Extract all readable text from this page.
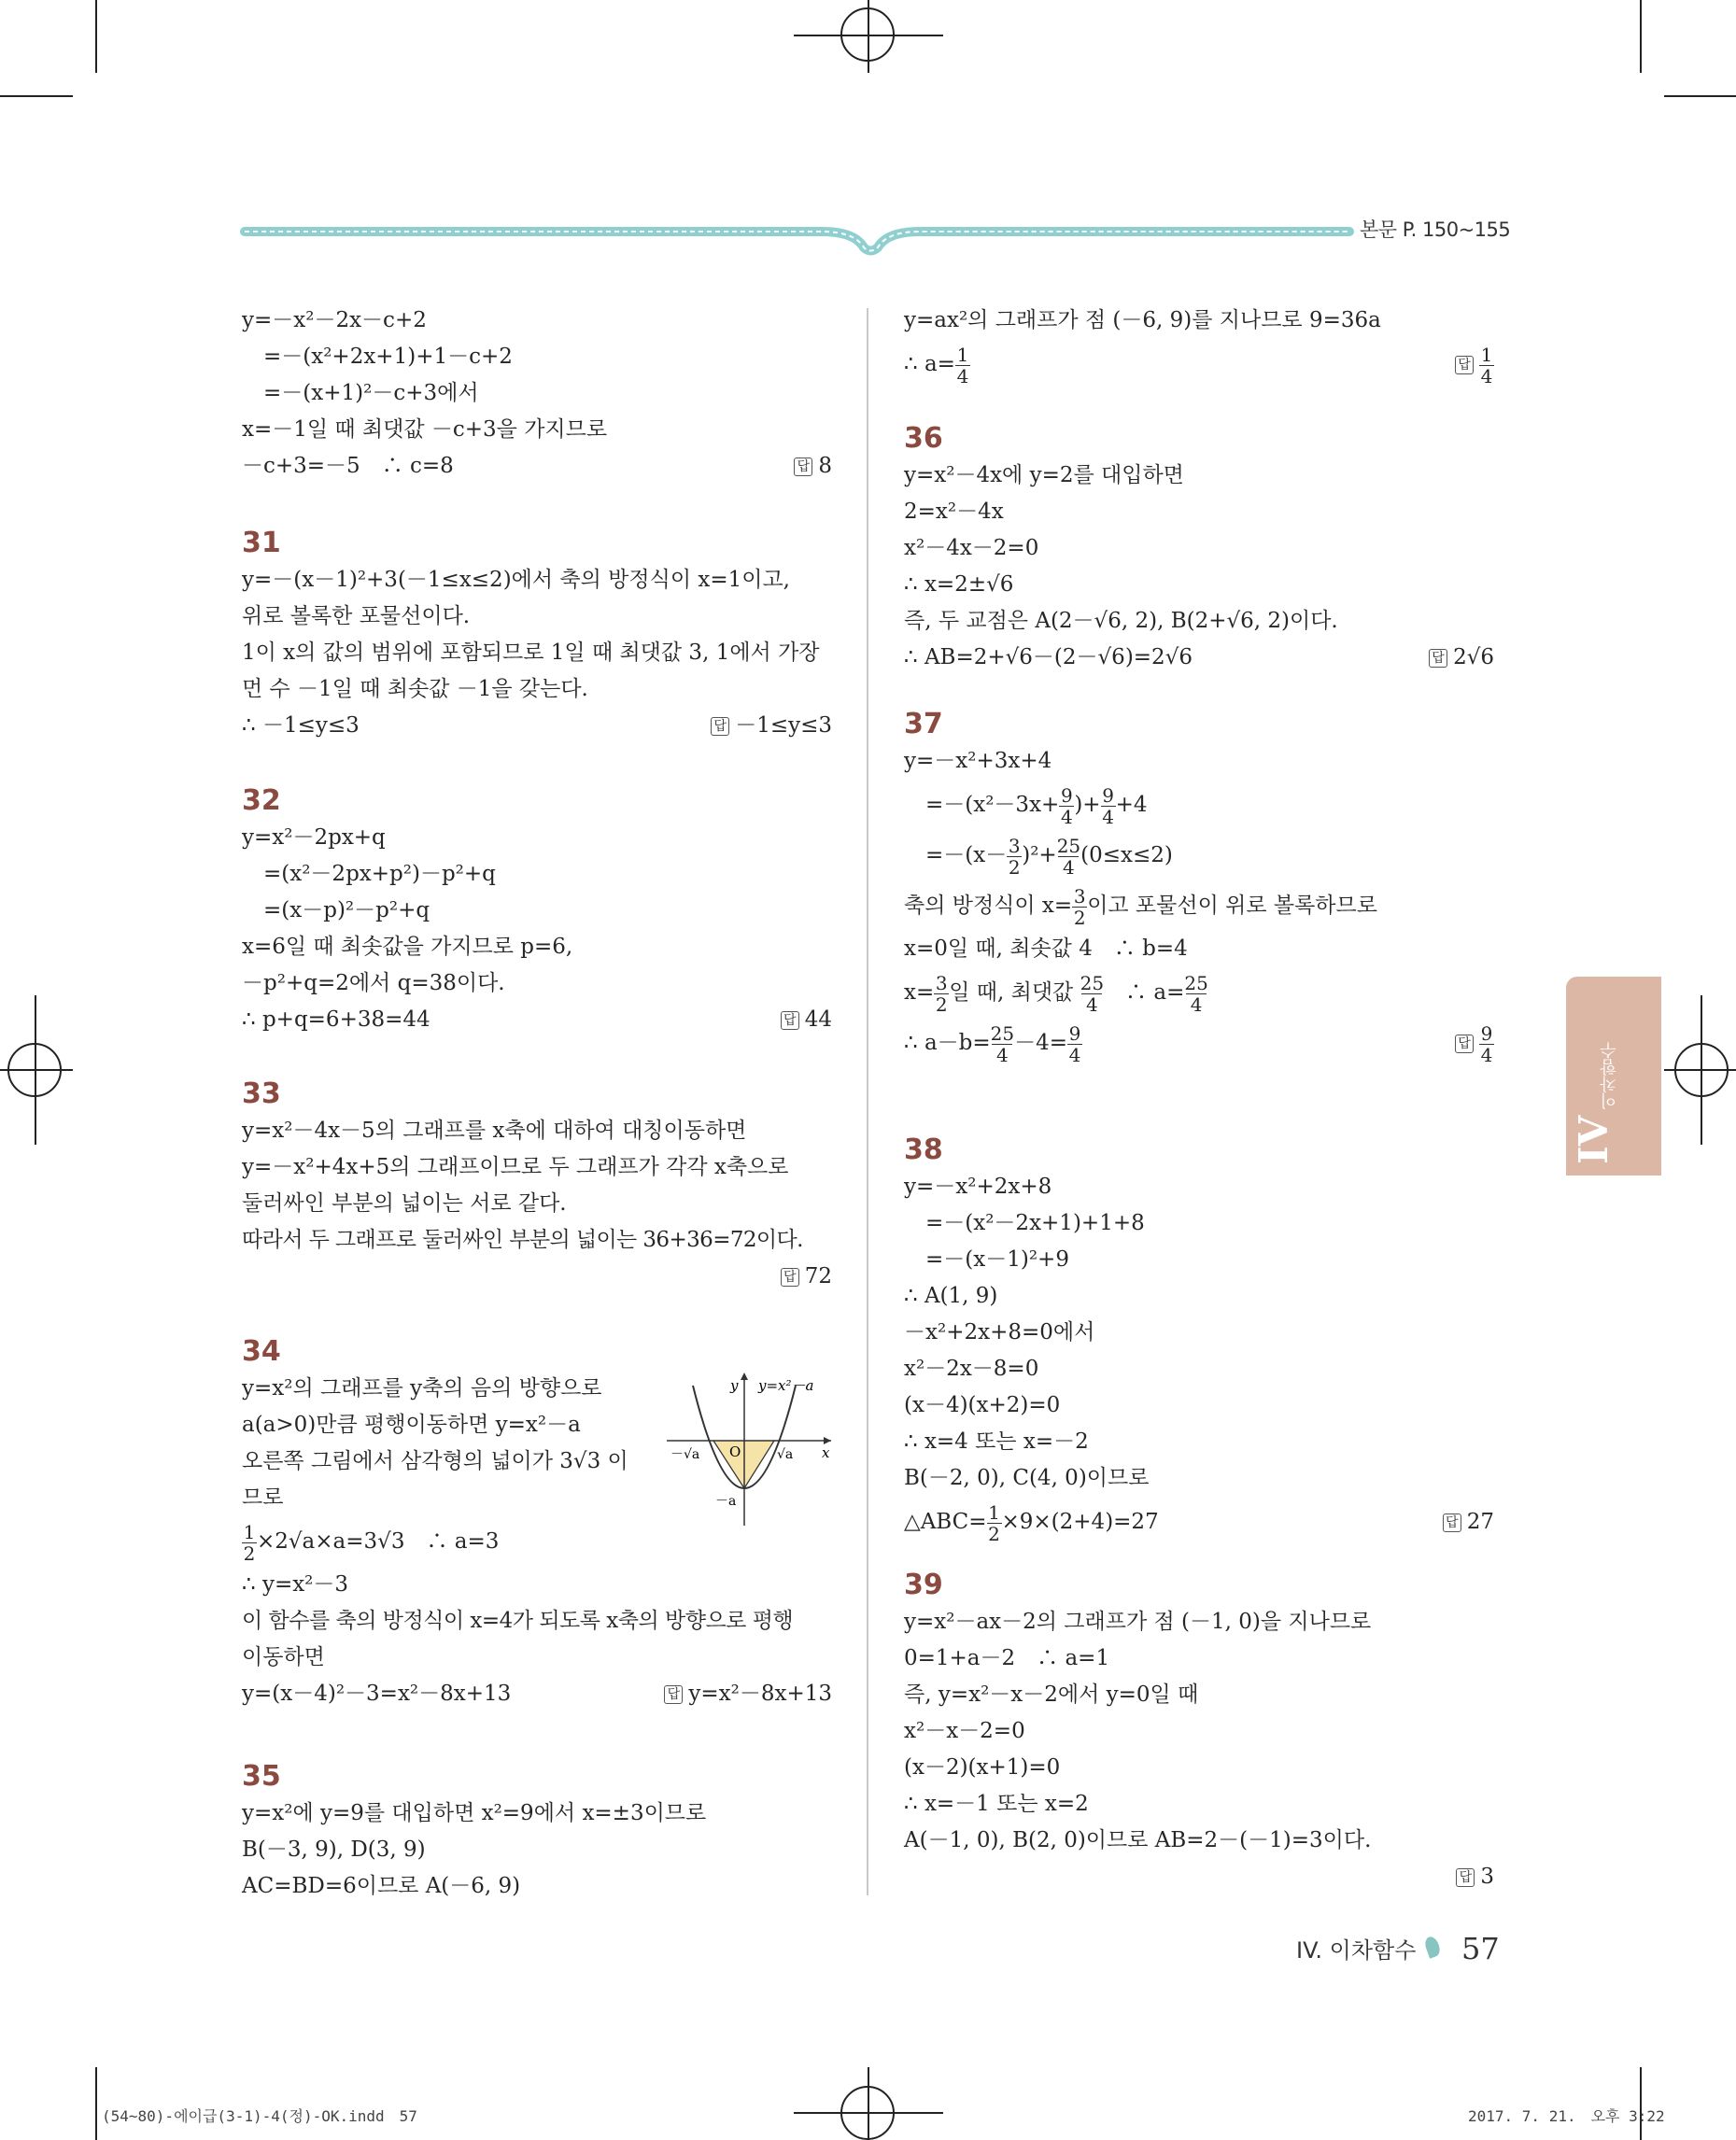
본문 P. 150~155
y=－x²－2x－c+2
　=－(x²+2x+1)+1－c+2
　=－(x+1)²－c+3에서
x=－1일 때 최댓값 －c+3을 가지므로
－c+3=－5　∴ c=8	답 8
31
y=－(x－1)²+3(－1≤x≤2)에서 축의 방정식이 x=1이고,
위로 볼록한 포물선이다.
1이 x의 값의 범위에 포함되므로 1일 때 최댓값 3, 1에서 가장
먼 수 －1일 때 최솟값 －1을 갖는다.
∴ －1≤y≤3	답 －1≤y≤3
32
y=x²－2px+q
　=(x²－2px+p²)－p²+q
　=(x－p)²－p²+q
x=6일 때 최솟값을 가지므로 p=6,
－p²+q=2에서 q=38이다.
∴ p+q=6+38=44	답 44
33
y=x²－4x－5의 그래프를 x축에 대하여 대칭이동하면
y=－x²+4x+5의 그래프이므로 두 그래프가 각각 x축으로
둘러싸인 부분의 넓이는 서로 같다.
따라서 두 그래프로 둘러싸인 부분의 넓이는 36+36=72이다.
답 72
34
y=x²의 그래프를 y축의 음의 방향으로
a(a>0)만큼 평행이동하면 y=x²－a
오른쪽 그림에서 삼각형의 넓이가 3√3 이
므로
$\frac{1}{2} \times 2√a\times a=3√3$　∴ a=3
∴ y=x²－3
이 함수를 축의 방정식이 x=4가 되도록 x축의 방향으로 평행
이동하면
y=(x－4)²－3=x²－8x+13	답 y=x²－8x+13
y y=x²－a
x
O
－√a	√a
－a
35
y=x²에 y=9를 대입하면 x²=9에서 x=±3이므로
B(－3, 9), D(3, 9)
AC=BD=6이므로 A(－6, 9)
y=ax²의 그래프가 점 (－6, 9)를 지나므로 9=36a
∴ $a= \frac{1}{4}$	답 $\frac{1}{4}$
36
y=x²－4x에 y=2를 대입하면
2=x²－4x
x²－4x－2=0
∴ x=2±√6
즉, 두 교점은 A(2－√6, 2), B(2+√6, 2)이다.
∴ AB=2+√6－(2－√6)=2√6	답 2√6
37
y=－x²+3x+4
　$=-(x^2-3x+ \frac{9}{4}$ )+ $\frac{9}{4} +4$
　$=-(x- \frac{3}{2} )^2+ \frac{25}{4} (0\le x\le 2)$
축의 방정식이 $x= \frac{3}{2}$ 이고 포물선이 위로 볼록하므로
x=0일 때, 최솟값 4　∴ b=4
$x= \frac{3}{2}$ 일 때, 최댓값 $\frac{25}{4}$ 　∴ $a= \frac{25}{4}$
∴ $a-b= \frac{25}{4} -4= \frac{9}{4}$	답 $\frac{9}{4}$
38
y=－x²+2x+8
　=－(x²－2x+1)+1+8
　=－(x－1)²+9
∴ A(1, 9)
－x²+2x+8=0에서
x²－2x－8=0
(x－4)(x+2)=0
∴ x=4 또는 x=－2
B(－2, 0), C(4, 0)이므로
△ABC= $\frac{1}{2} \times 9\times(2+4)=27$	답 27
39
y=x²－ax－2의 그래프가 점 (－1, 0)을 지나므로
0=1+a－2　∴ a=1
즉, y=x²－x－2에서 y=0일 때
x²－x－2=0
(x－2)(x+1)=0
∴ x=－1 또는 x=2
A(－1, 0), B(2, 0)이므로 AB=2－(－1)=3이다.
답 3
이차함수
IV
IV. 이차함수 57
(54~80)-에이급(3-1)-4(정)-OK.indd　57	2017. 7. 21.　오후 3:22
